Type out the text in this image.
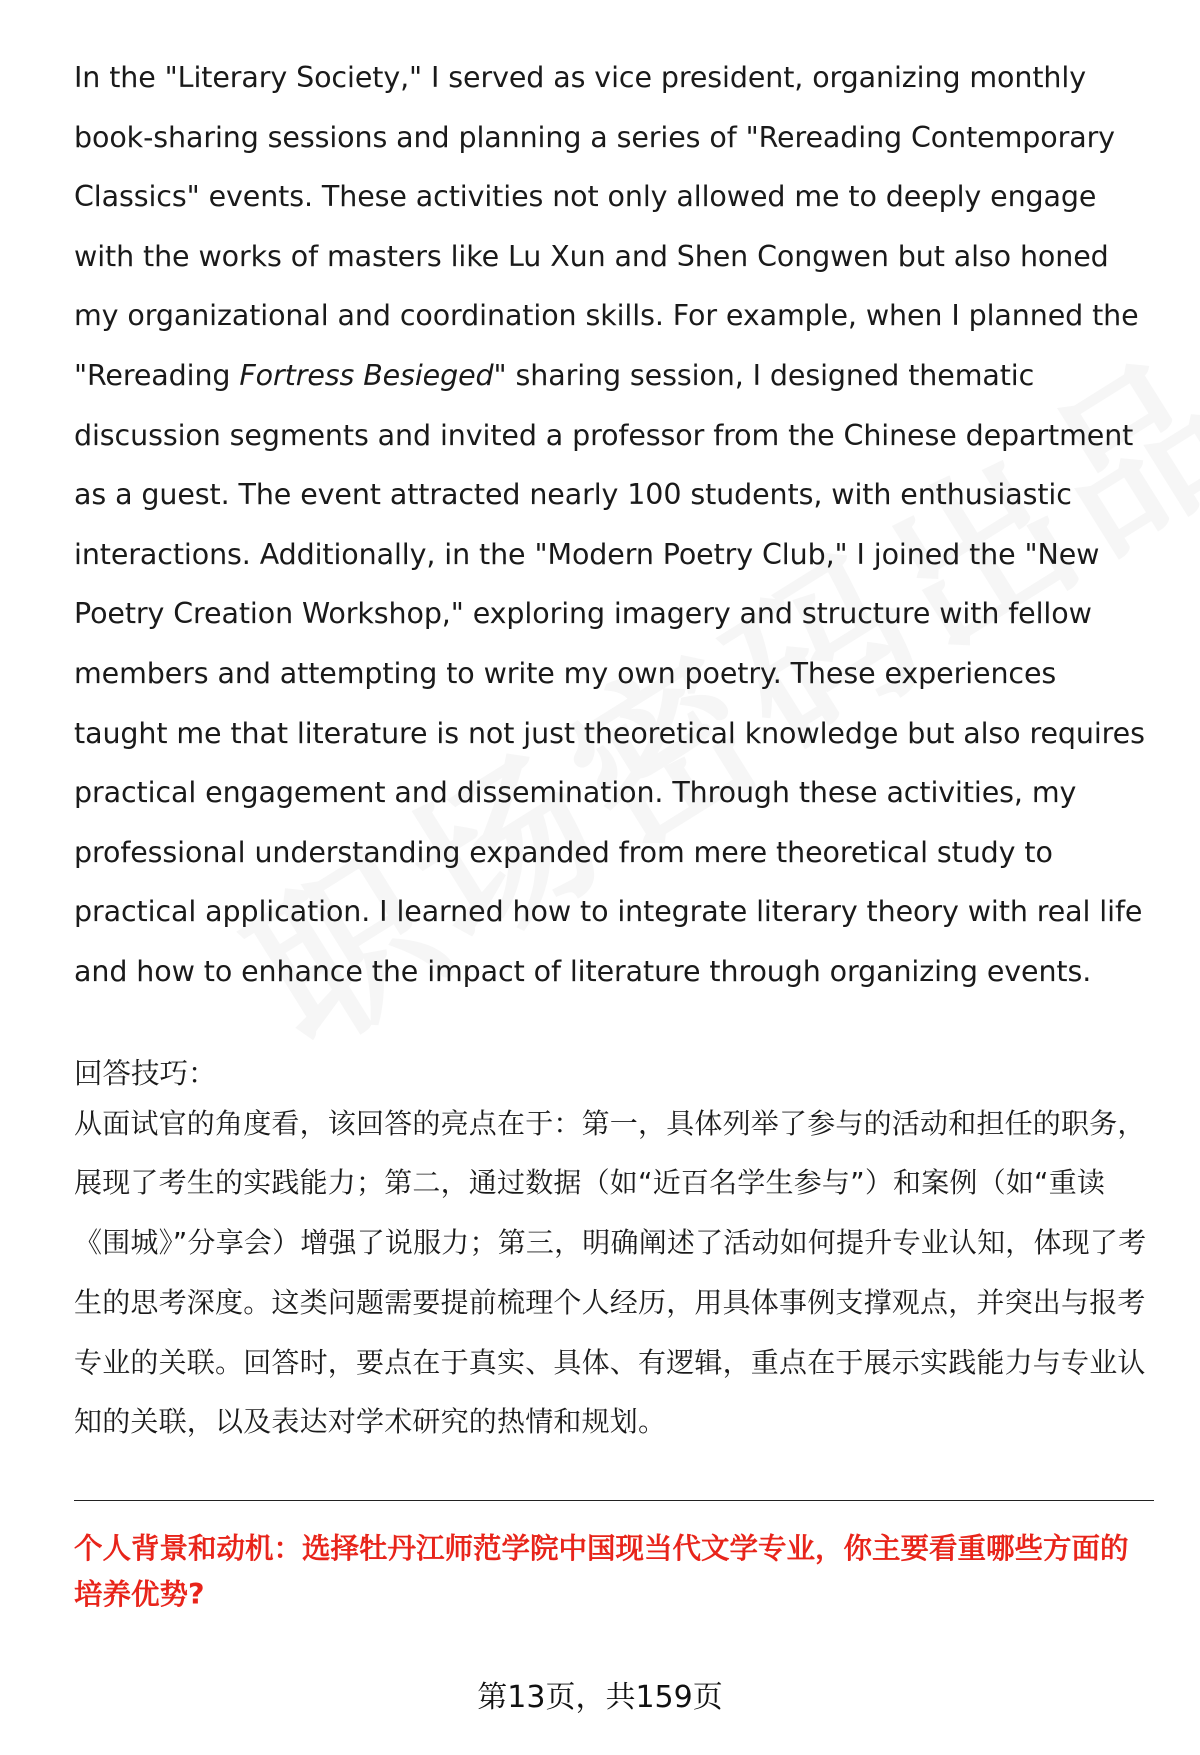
In the "Literary Society," I served as vice president, organizing monthly book-sharing sessions and planning a series of "Rereading Contemporary Classics" events. These activities not only allowed me to deeply engage with the works of masters like Lu Xun and Shen Congwen but also honed my organizational and coordination skills. For example, when I planned the "Rereading Fortress Besieged" sharing session, I designed thematic discussion segments and invited a professor from the Chinese department as a guest. The event attracted nearly 100 students, with enthusiastic interactions. Additionally, in the "Modern Poetry Club," I joined the "New Poetry Creation Workshop," exploring imagery and structure with fellow members and attempting to write my own poetry. These experiences taught me that literature is not just theoretical knowledge but also requires practical engagement and dissemination. Through these activities, my professional understanding expanded from mere theoretical study to practical application. I learned how to integrate literary theory with real life and how to enhance the impact of literature through organizing events.

回答技巧：

从面试官的角度看，该回答的亮点在于：第一，具体列举了参与的活动和担任的职务，展现了考生的实践能力；第二，通过数据（如“近百名学生参与”）和案例（如“重读《围城》”分享会）增强了说服力；第三，明确阐述了活动如何提升专业认知，体现了考生的思考深度。这类问题需要提前梳理个人经历，用具体事例支撑观点，并突出与报考专业的关联。回答时，要点在于真实、具体、有逻辑，重点在于展示实践能力与专业认知的关联，以及表达对学术研究的热情和规划。

个人背景和动机：选择牡丹江师范学院中国现当代文学专业，你主要看重哪些方面的培养优势?

第13页，共159页
